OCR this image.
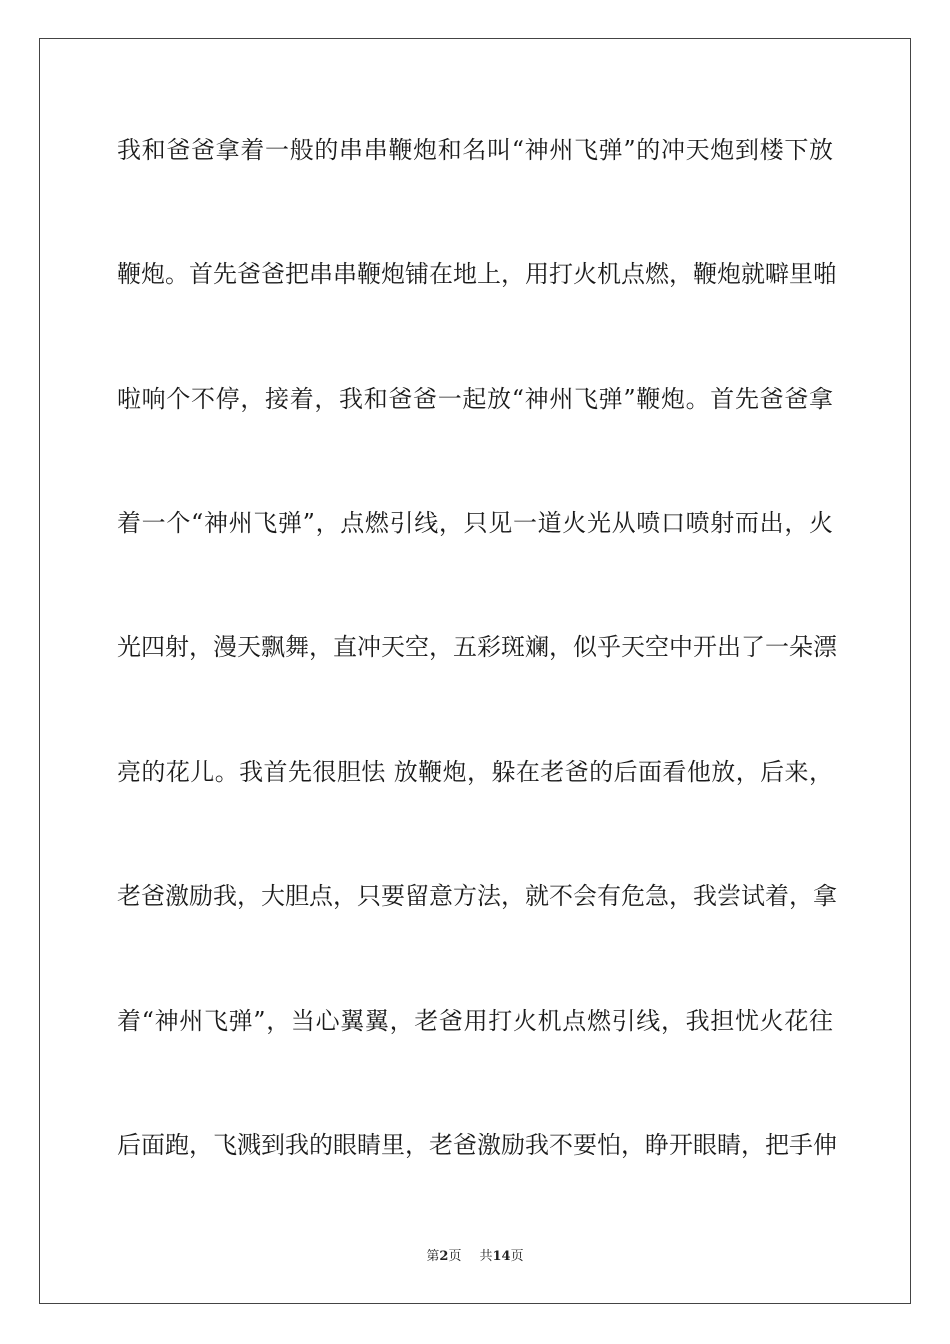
我和爸爸拿着一般的串串鞭炮和名叫“神州飞弹”的冲天炮到楼下放

鞭炮。首先爸爸把串串鞭炮铺在地上，用打火机点燃，鞭炮就噼里啪

啦响个不停，接着，我和爸爸一起放“神州飞弹”鞭炮。首先爸爸拿

着一个“神州飞弹”，点燃引线，只见一道火光从喷口喷射而出，火

光四射，漫天飘舞，直冲天空，五彩斑斓，似乎天空中开出了一朵漂

亮的花儿。我首先很胆怯 放鞭炮，躲在老爸的后面看他放，后来，

老爸激励我，大胆点，只要留意方法，就不会有危急，我尝试着，拿

着“神州飞弹”，当心翼翼，老爸用打火机点燃引线，我担忧火花往

后面跑，飞溅到我的眼睛里，老爸激励我不要怕，睁开眼睛，把手伸

第2页 共14页
